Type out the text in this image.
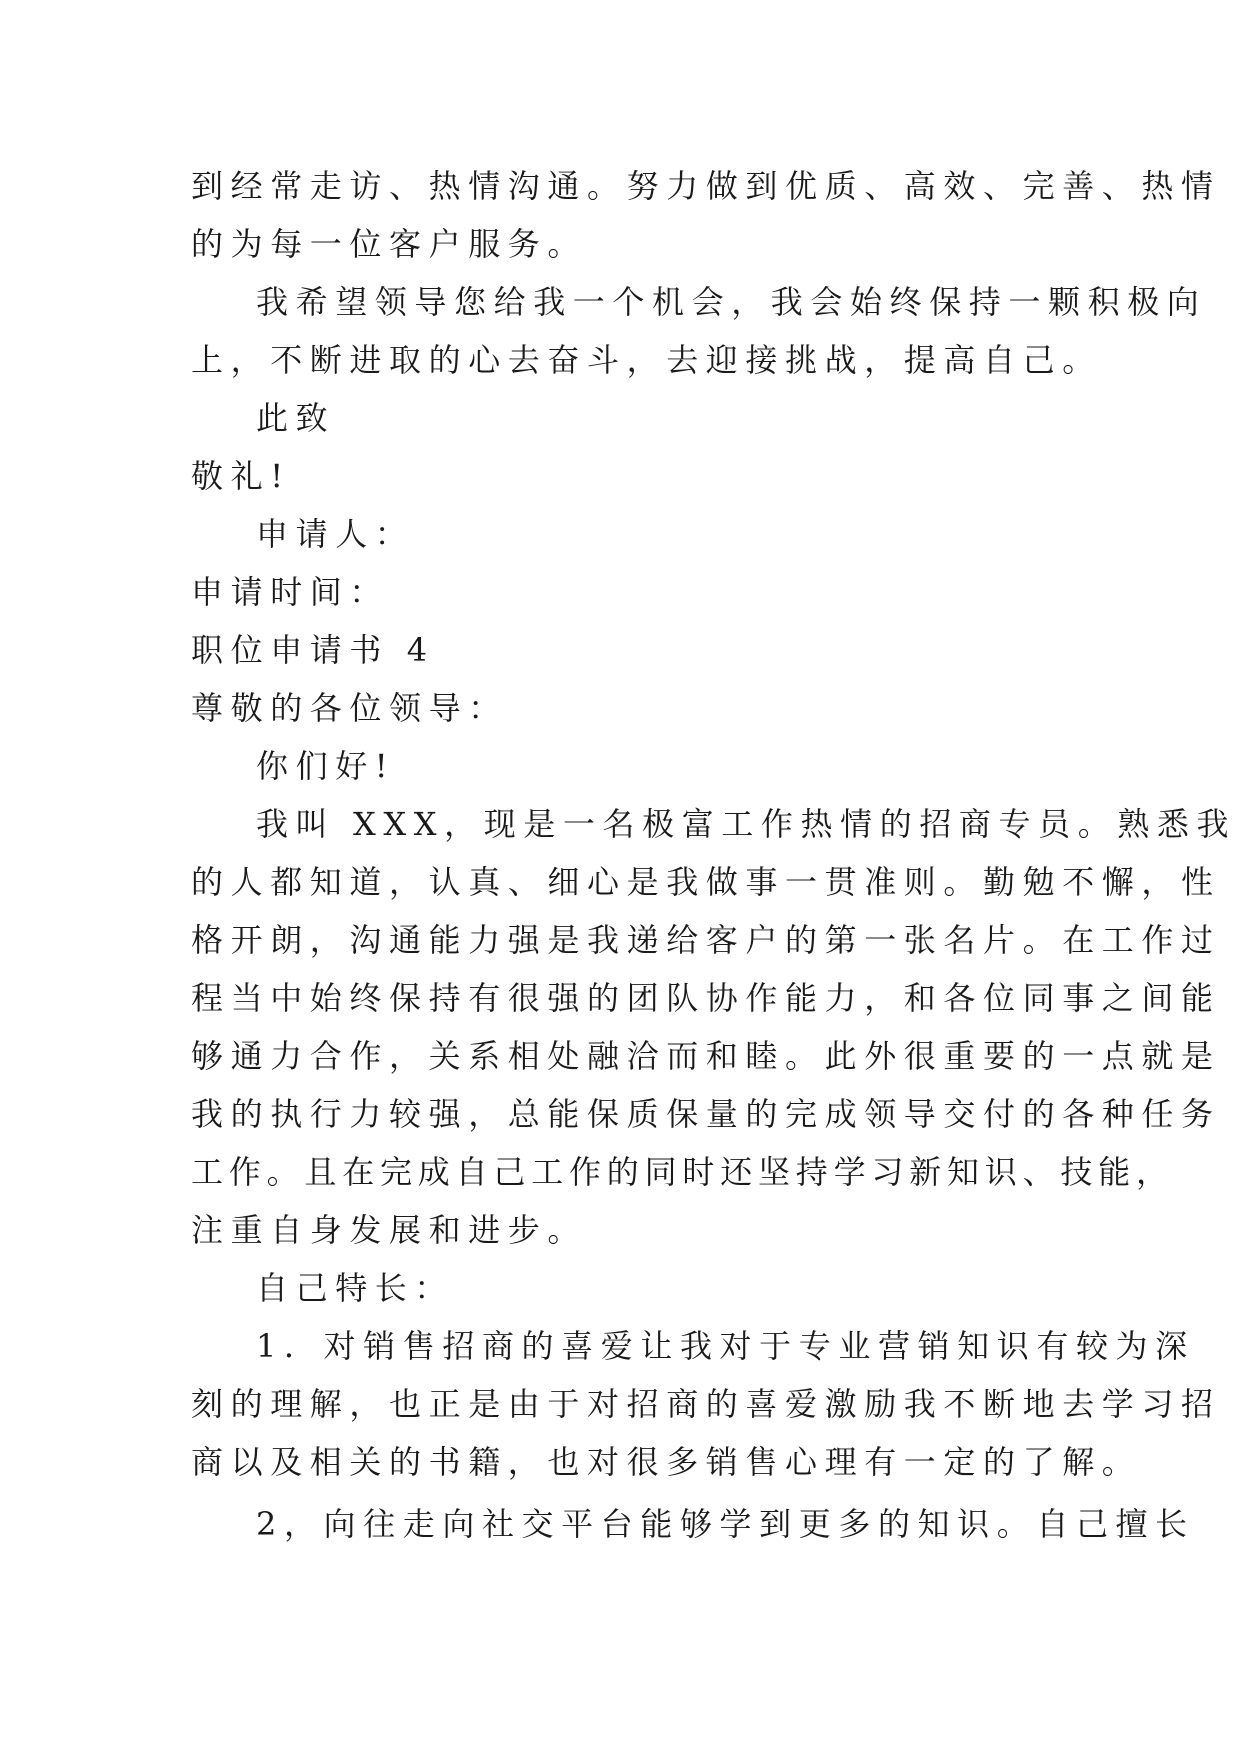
到经常走访、热情沟通。努力做到优质、高效、完善、热情
的为每一位客户服务。
我希望领导您给我一个机会，我会始终保持一颗积极向
上，不断进取的心去奋斗，去迎接挑战，提高自己。
此致
敬礼!
申请人：
申请时间：
职位申请书 4
尊敬的各位领导：
你们好!
我叫 XXX，现是一名极富工作热情的招商专员。熟悉我
的人都知道，认真、细心是我做事一贯准则。勤勉不懈，性
格开朗，沟通能力强是我递给客户的第一张名片。在工作过
程当中始终保持有很强的团队协作能力，和各位同事之间能
够通力合作，关系相处融洽而和睦。此外很重要的一点就是
我的执行力较强，总能保质保量的完成领导交付的各种任务
工作。且在完成自己工作的同时还坚持学习新知识、技能，
注重自身发展和进步。
自己特长：
1．对销售招商的喜爱让我对于专业营销知识有较为深
刻的理解，也正是由于对招商的喜爱激励我不断地去学习招
商以及相关的书籍，也对很多销售心理有一定的了解。
2，向往走向社交平台能够学到更多的知识。自己擅长
